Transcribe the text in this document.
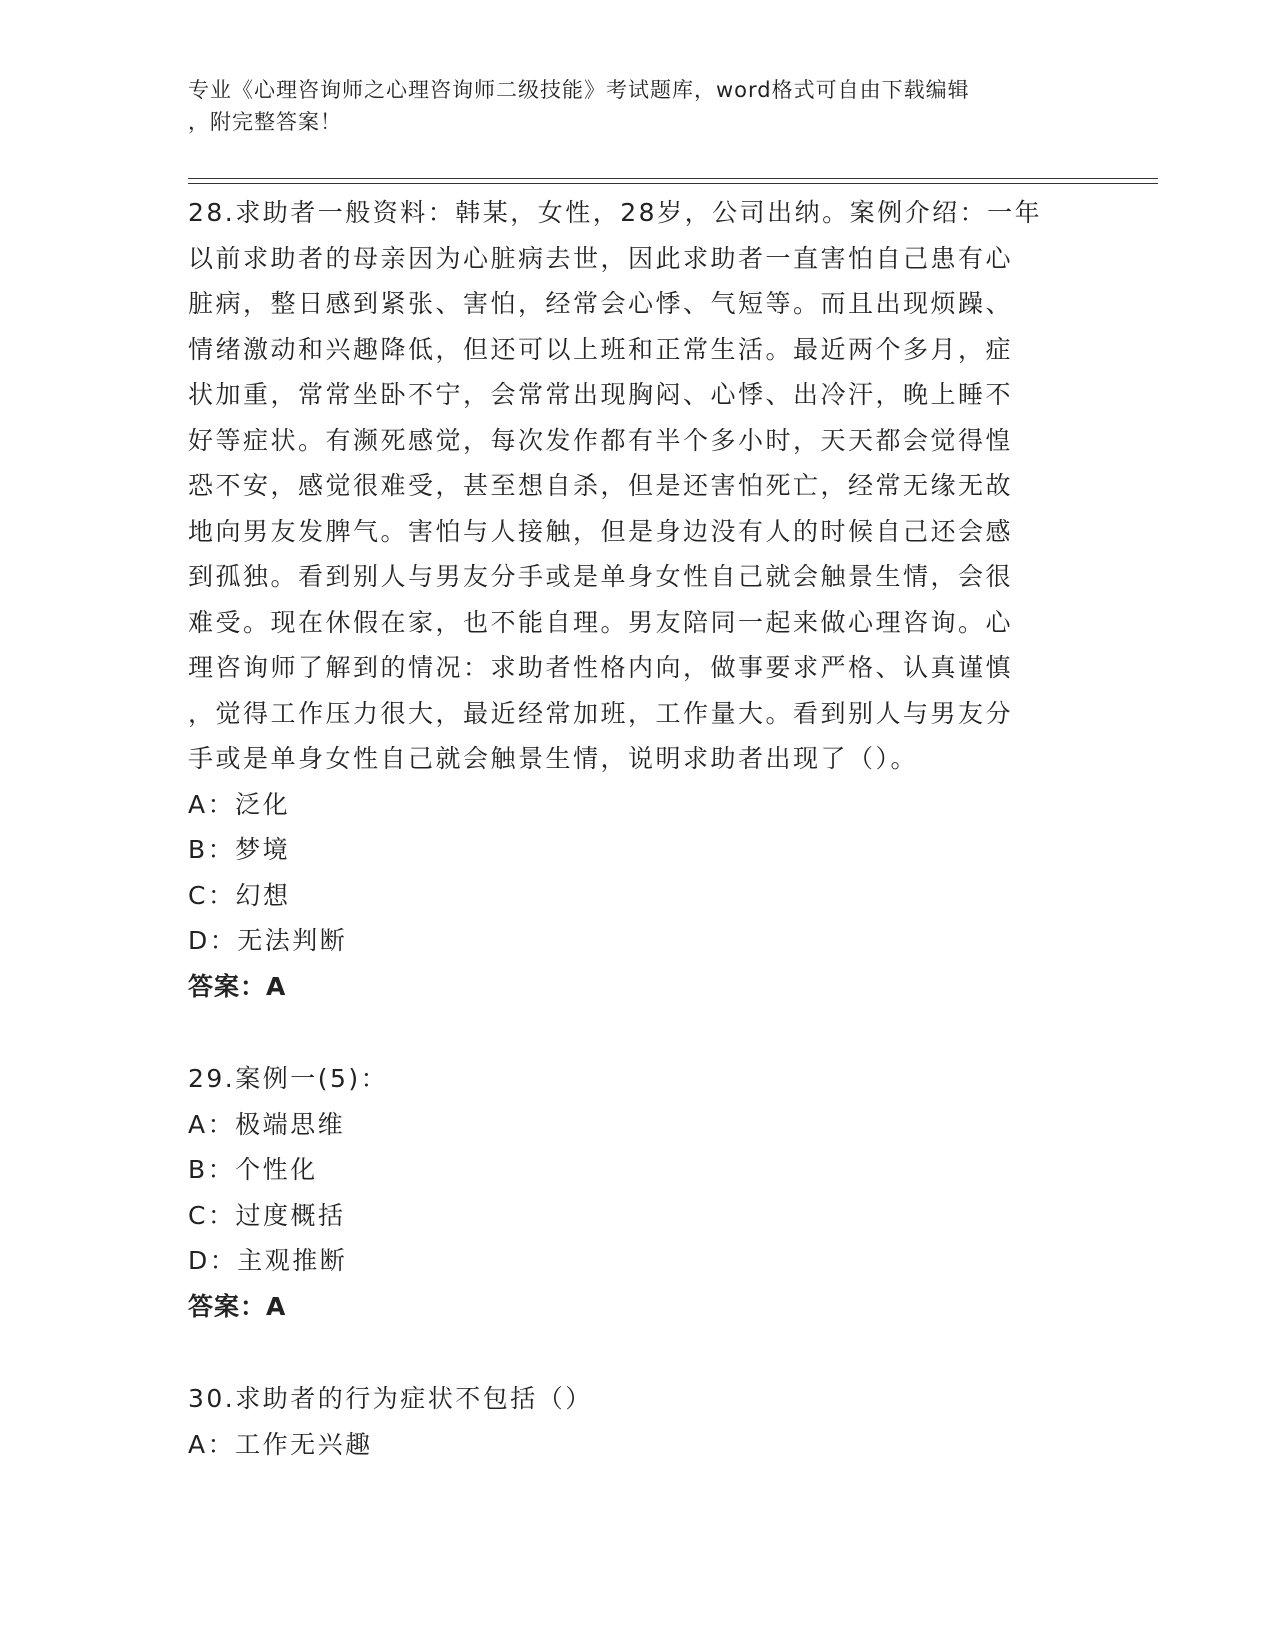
专业《心理咨询师之心理咨询师二级技能》考试题库，word格式可自由下载编辑
，附完整答案！
28.求助者一般资料：韩某，女性，28岁，公司出纳。案例介绍：一年
以前求助者的母亲因为心脏病去世，因此求助者一直害怕自己患有心
脏病，整日感到紧张、害怕，经常会心悸、气短等。而且出现烦躁、
情绪激动和兴趣降低，但还可以上班和正常生活。最近两个多月，症
状加重，常常坐卧不宁，会常常出现胸闷、心悸、出冷汗，晚上睡不
好等症状。有濒死感觉，每次发作都有半个多小时，天天都会觉得惶
恐不安，感觉很难受，甚至想自杀，但是还害怕死亡，经常无缘无故
地向男友发脾气。害怕与人接触，但是身边没有人的时候自己还会感
到孤独。看到别人与男友分手或是单身女性自己就会触景生情，会很
难受。现在休假在家，也不能自理。男友陪同一起来做心理咨询。心
理咨询师了解到的情况：求助者性格内向，做事要求严格、认真谨慎
，觉得工作压力很大，最近经常加班，工作量大。看到别人与男友分
手或是单身女性自己就会触景生情，说明求助者出现了（）。
A：泛化
B：梦境
C：幻想
D：无法判断
答案：A
29.案例一(5)：
A：极端思维
B：个性化
C：过度概括
D：主观推断
答案：A
30.求助者的行为症状不包括（）
A：工作无兴趣
